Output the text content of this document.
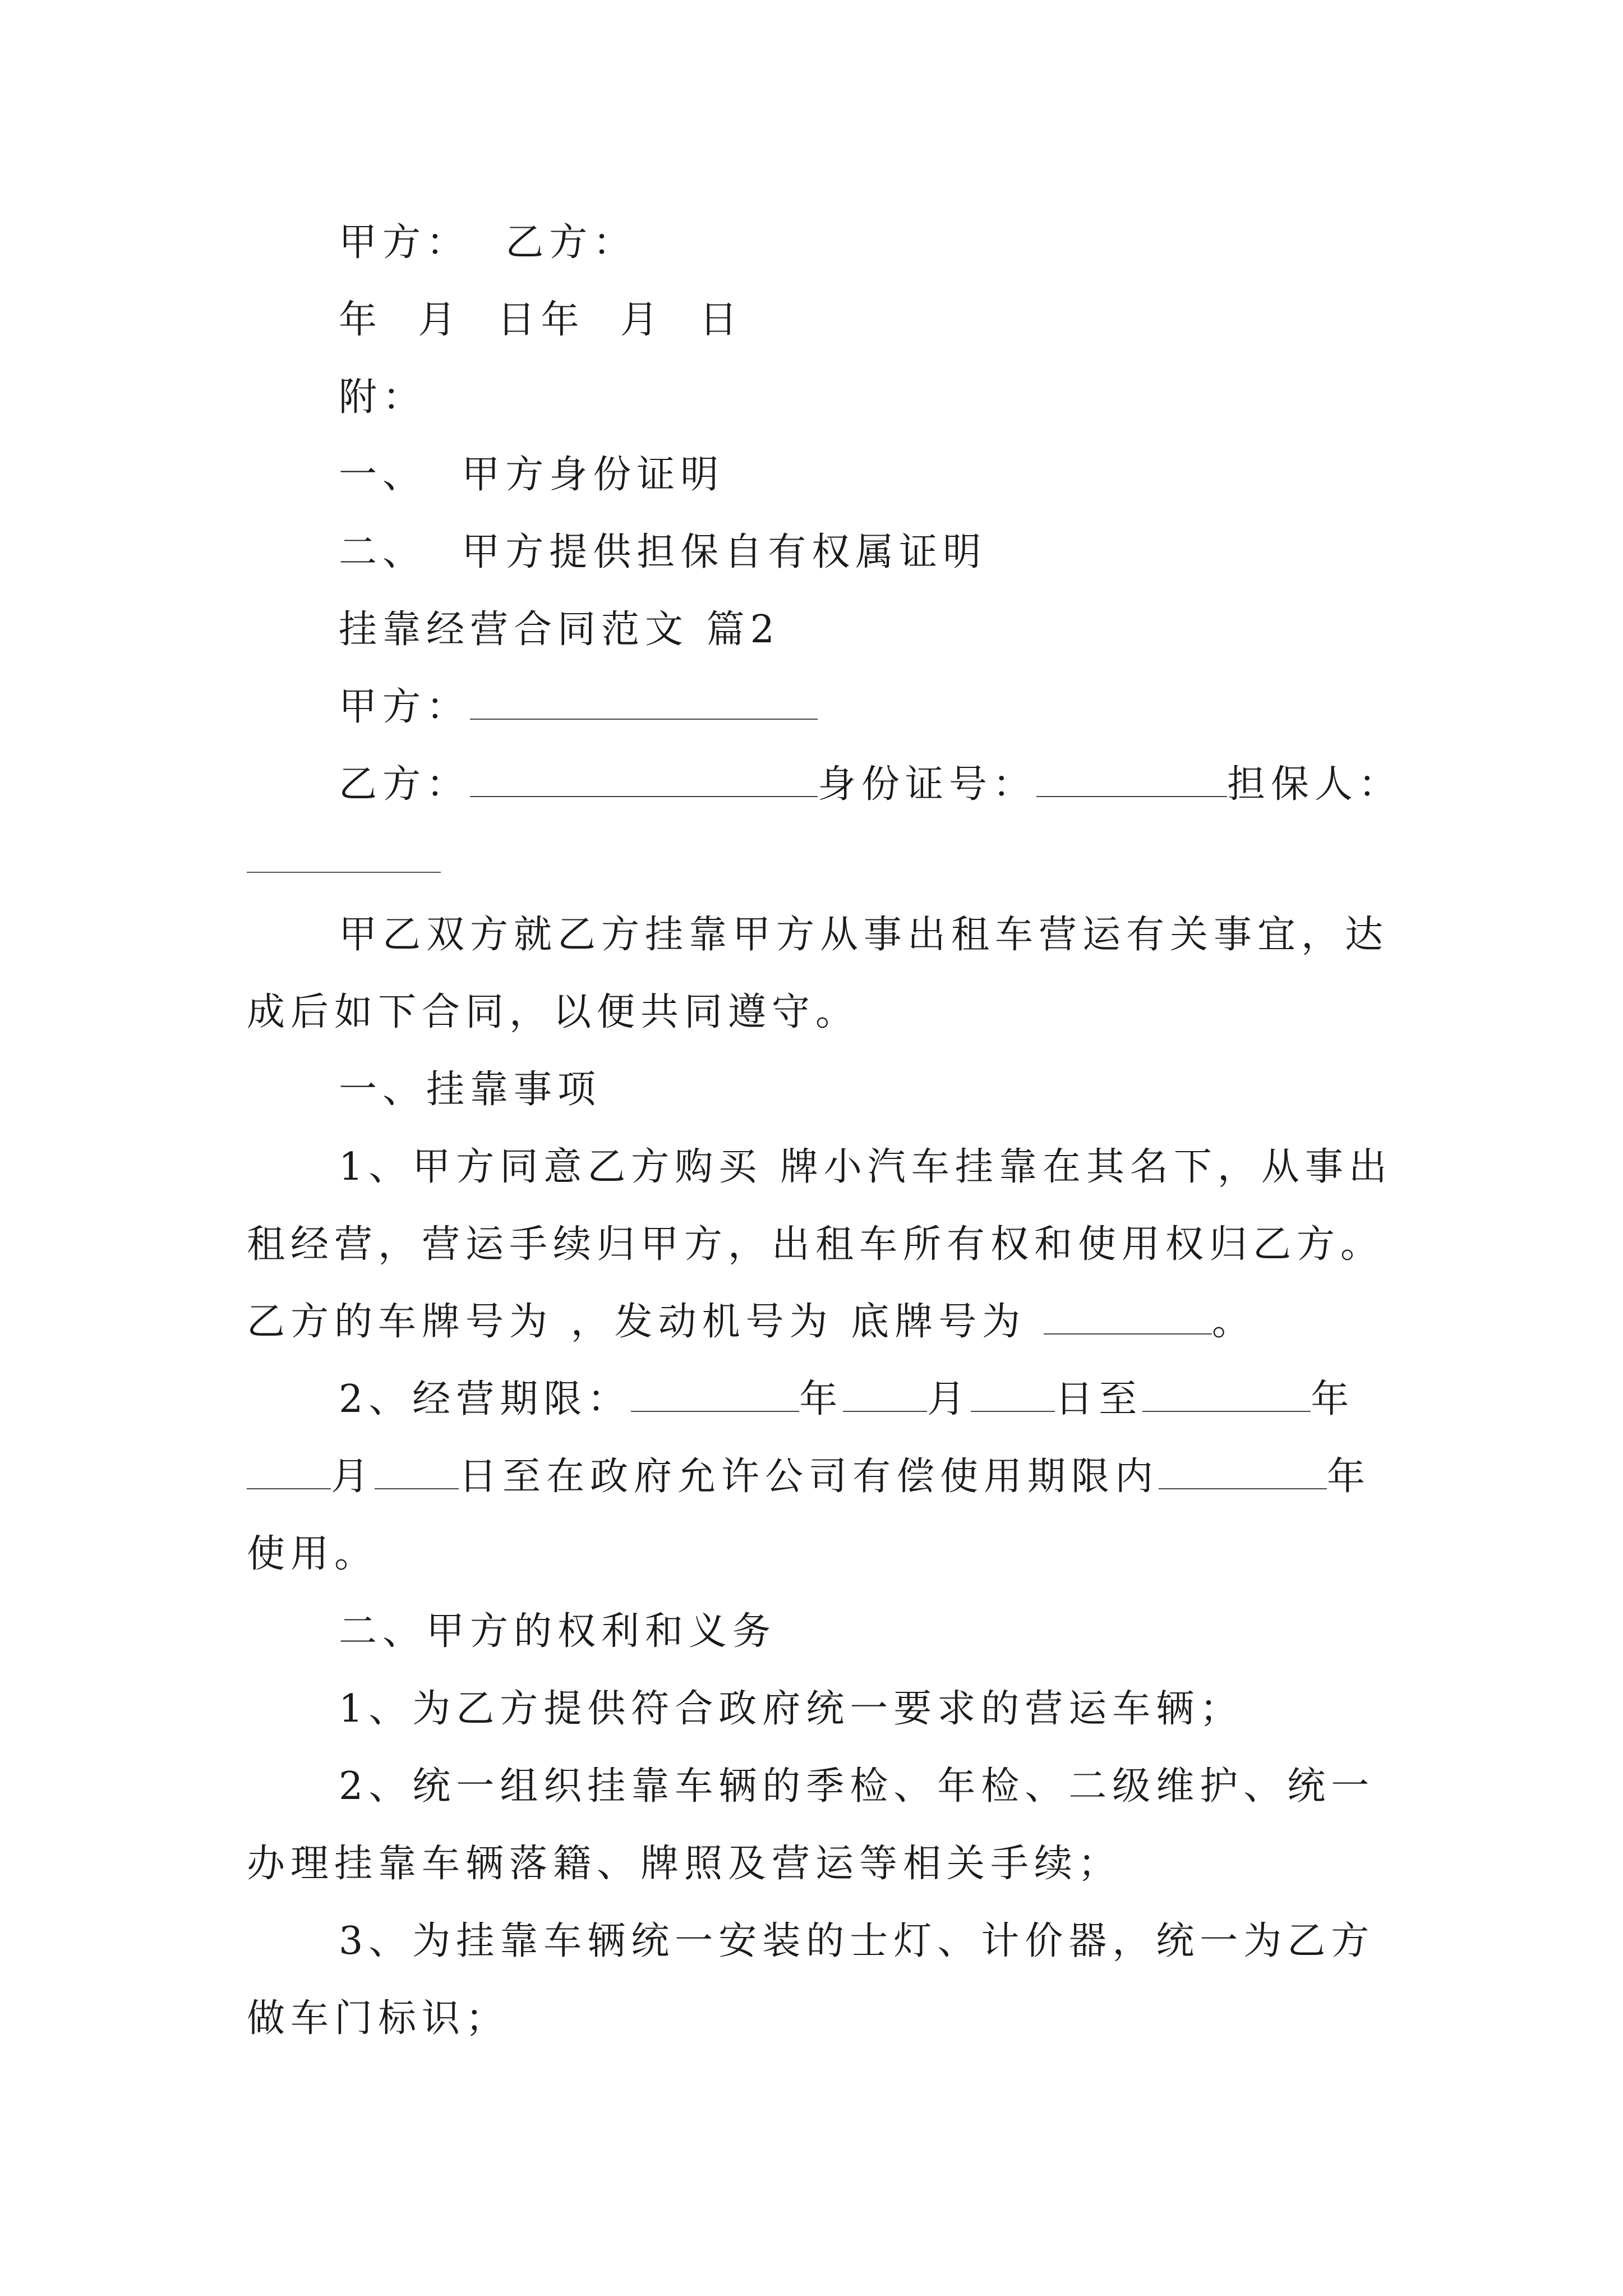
甲方：  乙方：
年  月  日年  月  日
附：
一、  甲方身份证明
二、  甲方提供担保自有权属证明
挂靠经营合同范文 篇2
甲方：
乙方：	身份证号：	担保人：
甲乙双方就乙方挂靠甲方从事出租车营运有关事宜，达
成后如下合同，以便共同遵守。
一、挂靠事项
1、甲方同意乙方购买 牌小汽车挂靠在其名下，从事出
租经营，营运手续归甲方，出租车所有权和使用权归乙方。
乙方的车牌号为 ，发动机号为 底牌号为	。
2、经营期限：	年 月 日至	年
月 日至在政府允许公司有偿使用期限内	年
使用。
二、甲方的权利和义务
1、为乙方提供符合政府统一要求的营运车辆；
2、统一组织挂靠车辆的季检、年检、二级维护、统一
办理挂靠车辆落籍、牌照及营运等相关手续；
3、为挂靠车辆统一安装的士灯、计价器，统一为乙方
做车门标识；
